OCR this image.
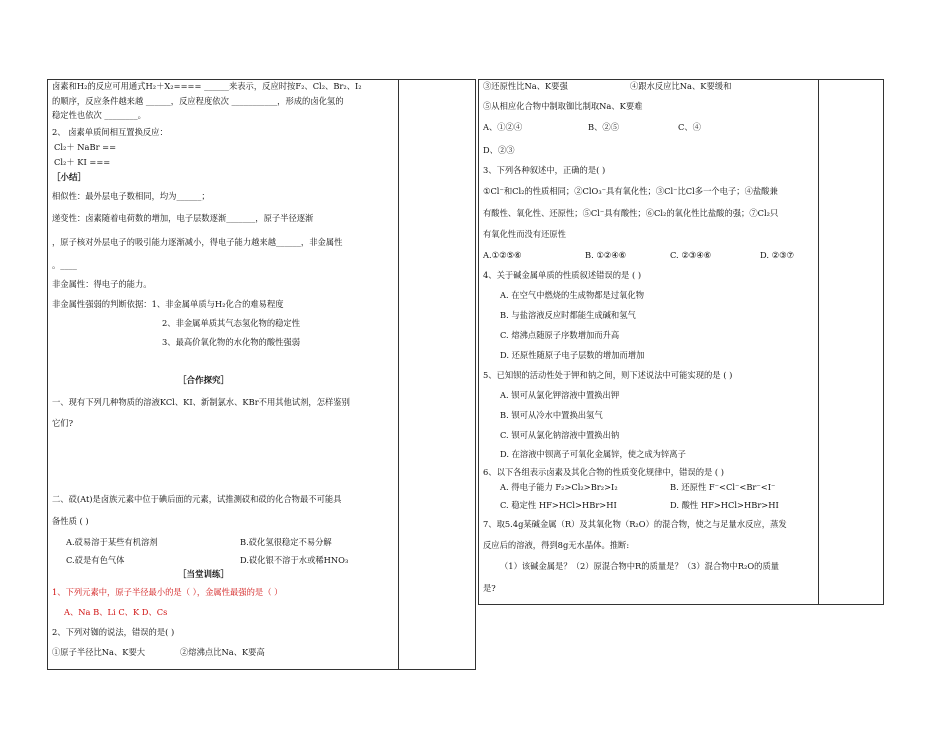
卤素和H₂的反应可用通式H₂＋X₂==== ______来表示，反应时按F₂、Cl₂、Br₂、I₂
的顺序，反应条件越来越 ______，反应程度依次 ___________，形成的卤化氢的
稳定性也依次 ________。
2、 卤素单质间相互置换反应：
Cl₂＋ NaBr ==
Cl₂＋ KI ===
［小结］
相似性：最外层电子数相同，均为______；
递变性：卤素随着电荷数的增加，电子层数逐渐_______，原子半径逐渐
，原子核对外层电子的吸引能力逐渐减小，得电子能力越来越______，非金属性
。____
非金属性：得电子的能力。
非金属性强弱的判断依据：1、非金属单质与H₂化合的难易程度
2、非金属单质其气态氢化物的稳定性
3、最高价氧化物的水化物的酸性强弱
［合作探究］
一、现有下列几种物质的溶液KCl、KI、新制氯水、KBr不用其他试剂，怎样鉴别
它们?
二、砹(At)是卤族元素中位于碘后面的元素，试推测砹和砹的化合物最不可能具
备性质 ( )
A.砹易溶于某些有机溶剂	B.砹化氢很稳定不易分解
C.砹是有色气体	D.砹化银不溶于水或稀HNO₃
［当堂训练］
1、下列元素中，原子半径最小的是（ ），金属性最强的是（ ）
A、Na B、Li C、K D、Cs
2、下列对铷的说法，错误的是( )
①原子半径比Na、K要大	②熔沸点比Na、K要高
③还原性比Na、K要强	④跟水反应比Na、K要缓和
⑤从相应化合物中制取铷比制取Na、K要难
A、①②④	B、②⑤	C、④
D、②③
3、下列各种叙述中，正确的是( )
①Cl⁻和Cl₂的性质相同；②ClO₃⁻具有氧化性；③Cl⁻比Cl多一个电子；④盐酸兼
有酸性、氧化性、还原性；⑤Cl⁻具有酸性；⑥Cl₂的氧化性比盐酸的强；⑦Cl₂只
有氧化性而没有还原性
A.①②⑤⑥	B. ①②④⑥	C. ②③④⑥	D. ②③⑦
4、关于碱金属单质的性质叙述错误的是 ( )
A. 在空气中燃烧的生成物都是过氧化物
B. 与盐溶液反应时都能生成碱和氢气
C. 熔沸点随原子序数增加而升高
D. 还原性随原子电子层数的增加而增加
5、已知钡的活动性处于钾和钠之间，则下述说法中可能实现的是 ( )
A. 钡可从氯化钾溶液中置换出钾
B. 钡可从冷水中置换出氢气
C. 钡可从氯化钠溶液中置换出钠
D. 在溶液中钡离子可氧化金属锌，使之成为锌离子
6、以下各组表示卤素及其化合物的性质变化规律中，错误的是 ( )
A. 得电子能力 F₂>Cl₂>Br₂>I₂	B. 还原性 F⁻<Cl⁻<Br⁻<I⁻
C. 稳定性 HF>HCl>HBr>HI	D. 酸性 HF>HCl>HBr>HI
7、取5.4g某碱金属（R）及其氧化物（R₂O）的混合物，使之与足量水反应，蒸发
反应后的溶液，得到8g无水晶体。推断:
（1）该碱金属是？（2）原混合物中R的质量是？（3）混合物中R₂O的质量
是?
